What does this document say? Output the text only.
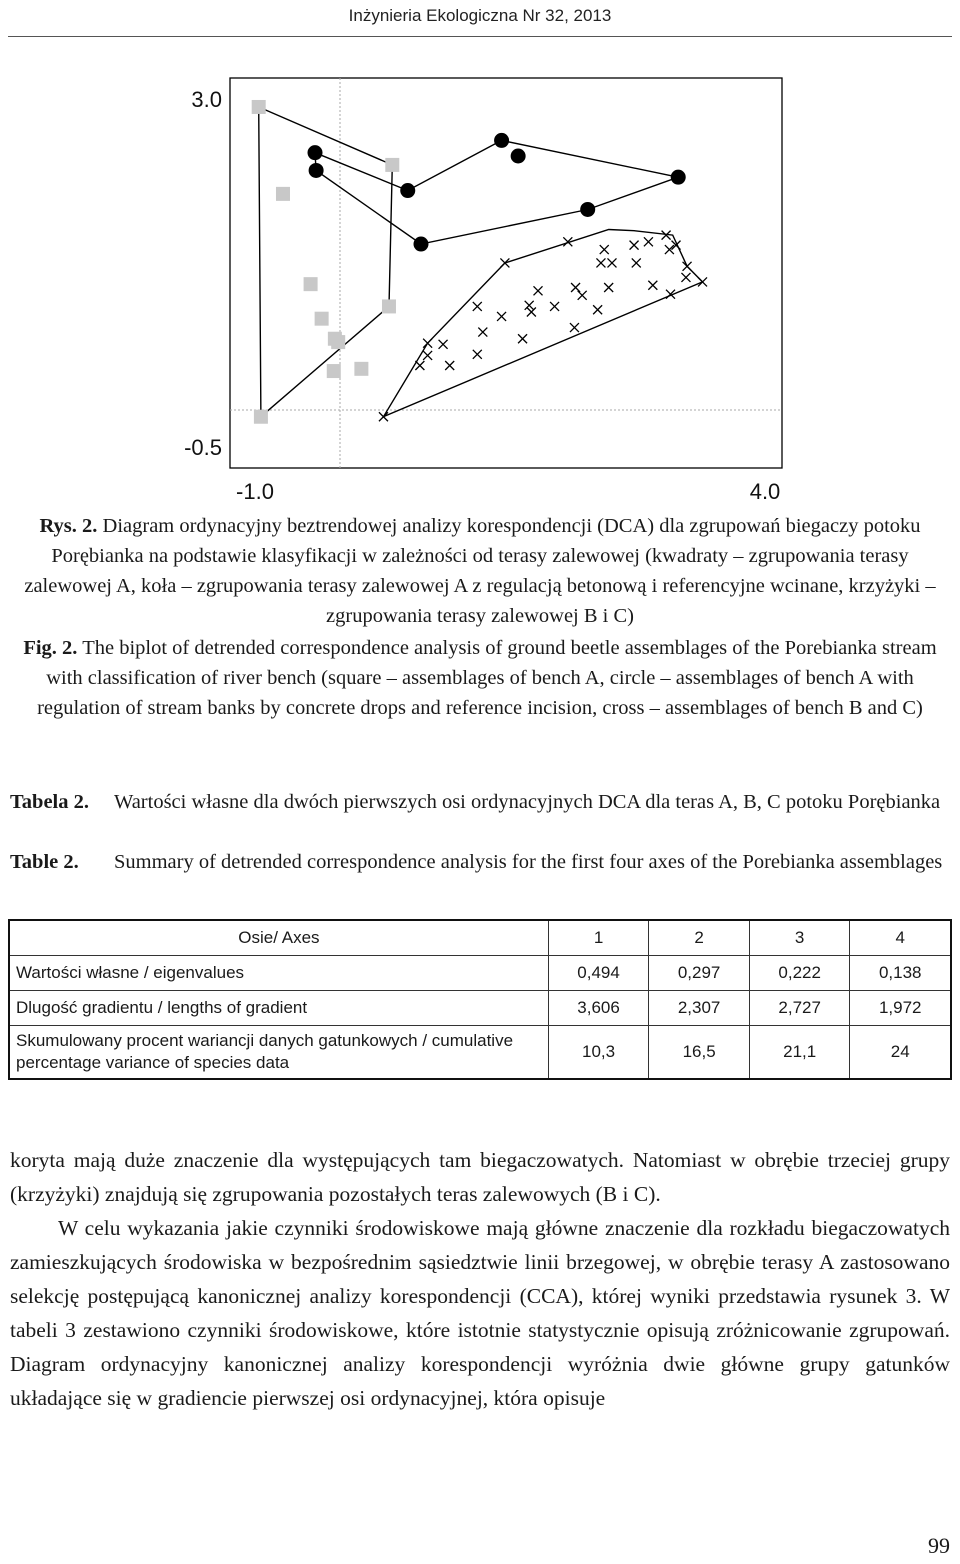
Inżynieria Ekologiczna Nr 32, 2013
3.0
-0.5
-1.0	4.0
Rys. 2. Diagram ordynacyjny beztrendowej analizy korespondencji (DCA) dla zgrupowań biegaczy potoku Porębianka na podstawie klasyfikacji w zależności od terasy zalewowej (kwadraty – zgrupowania terasy zalewowej A, koła – zgrupowania terasy zalewowej A z regulacją betonową i referencyjne wcinane, krzyżyki – zgrupowania terasy zalewowej B i C)
Fig. 2. The biplot of detrended correspondence analysis of ground beetle assemblages of the Porebianka stream with classification of river bench (square – assemblages of bench A, circle – assemblages of bench A with regulation of stream banks by concrete drops and reference incision, cross – assemblages of bench B and C)
Tabela 2. Wartości własne dla dwóch pierwszych osi ordynacyjnych DCA dla teras A, B, C potoku Porębianka
Table 2. Summary of detrended correspondence analysis for the first four axes of the Porebianka assemblages
Osie/ Axes	1	2	3	4
Wartości własne / eigenvalues	0,494	0,297	0,222	0,138
Dlugość gradientu / lengths of gradient	3,606	2,307	2,727	1,972
Skumulowany procent wariancji danych gatunkowych / cumulative percentage variance of species data	10,3	16,5	21,1	24

koryta mają duże znaczenie dla występujących tam biegaczowatych. Natomiast w obrębie trzeciej grupy (krzyżyki) znajdują się zgrupowania pozostałych teras zalewowych (B i C).

W celu wykazania jakie czynniki środowiskowe mają główne znaczenie dla rozkładu biegaczowatych zamieszkujących środowiska w bezpośrednim sąsiedztwie linii brzegowej, w obrębie terasy A zastosowano selekcję postępującą kanonicznej analizy korespondencji (CCA), której wyniki przedstawia rysunek 3. W tabeli 3 zestawiono czynniki środowiskowe, które istotnie statystycznie opisują zróżnicowanie zgrupowań. Diagram ordynacyjny kanonicznej analizy korespondencji wyróżnia dwie główne grupy gatunków układające się w gradiencie pierwszej osi ordynacyjnej, która opisuje

99
